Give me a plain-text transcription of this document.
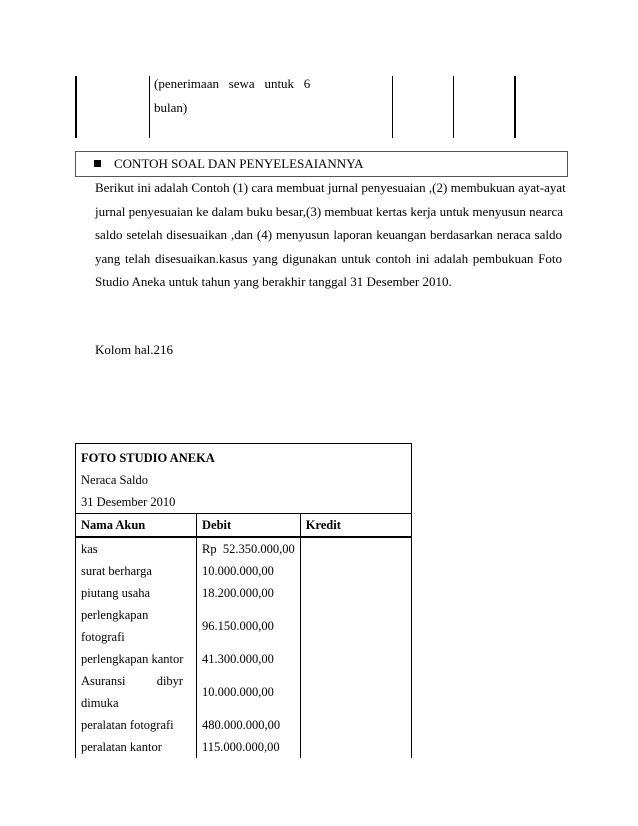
(penerimaan   sewa   untuk   6
bulan)
CONTOH SOAL DAN PENYELESAIANNYA
Berikut ini adalah Contoh (1) cara membuat jurnal penyesuaian ,(2) membukuan ayat-ayat
jurnal penyesuaian ke dalam buku besar,(3) membuat kertas kerja untuk menyusun nearca
saldo setelah disesuaikan ,dan (4) menyusun laporan keuangan berdasarkan neraca saldo
yang telah disesuaikan.kasus yang digunakan untuk contoh ini adalah pembukuan Foto
Studio Aneka untuk tahun yang berakhir tanggal 31 Desember 2010.
Kolom hal.216
FOTO STUDIO ANEKA		
Neraca Saldo		
31 Desember 2010		
Nama Akun	Debit	Kredit

kas	Rp  52.350.000,00	

surat berharga	10.000.000,00	

piutang usaha	18.200.000,00	

perlengkapan
fotografi	96.150.000,00	

perlengkapan kantor	41.300.000,00	

Asuransi          dibyr
dimuka	10.000.000,00	

peralatan fotografi	480.000.000,00	

peralatan kantor	115.000.000,00	
